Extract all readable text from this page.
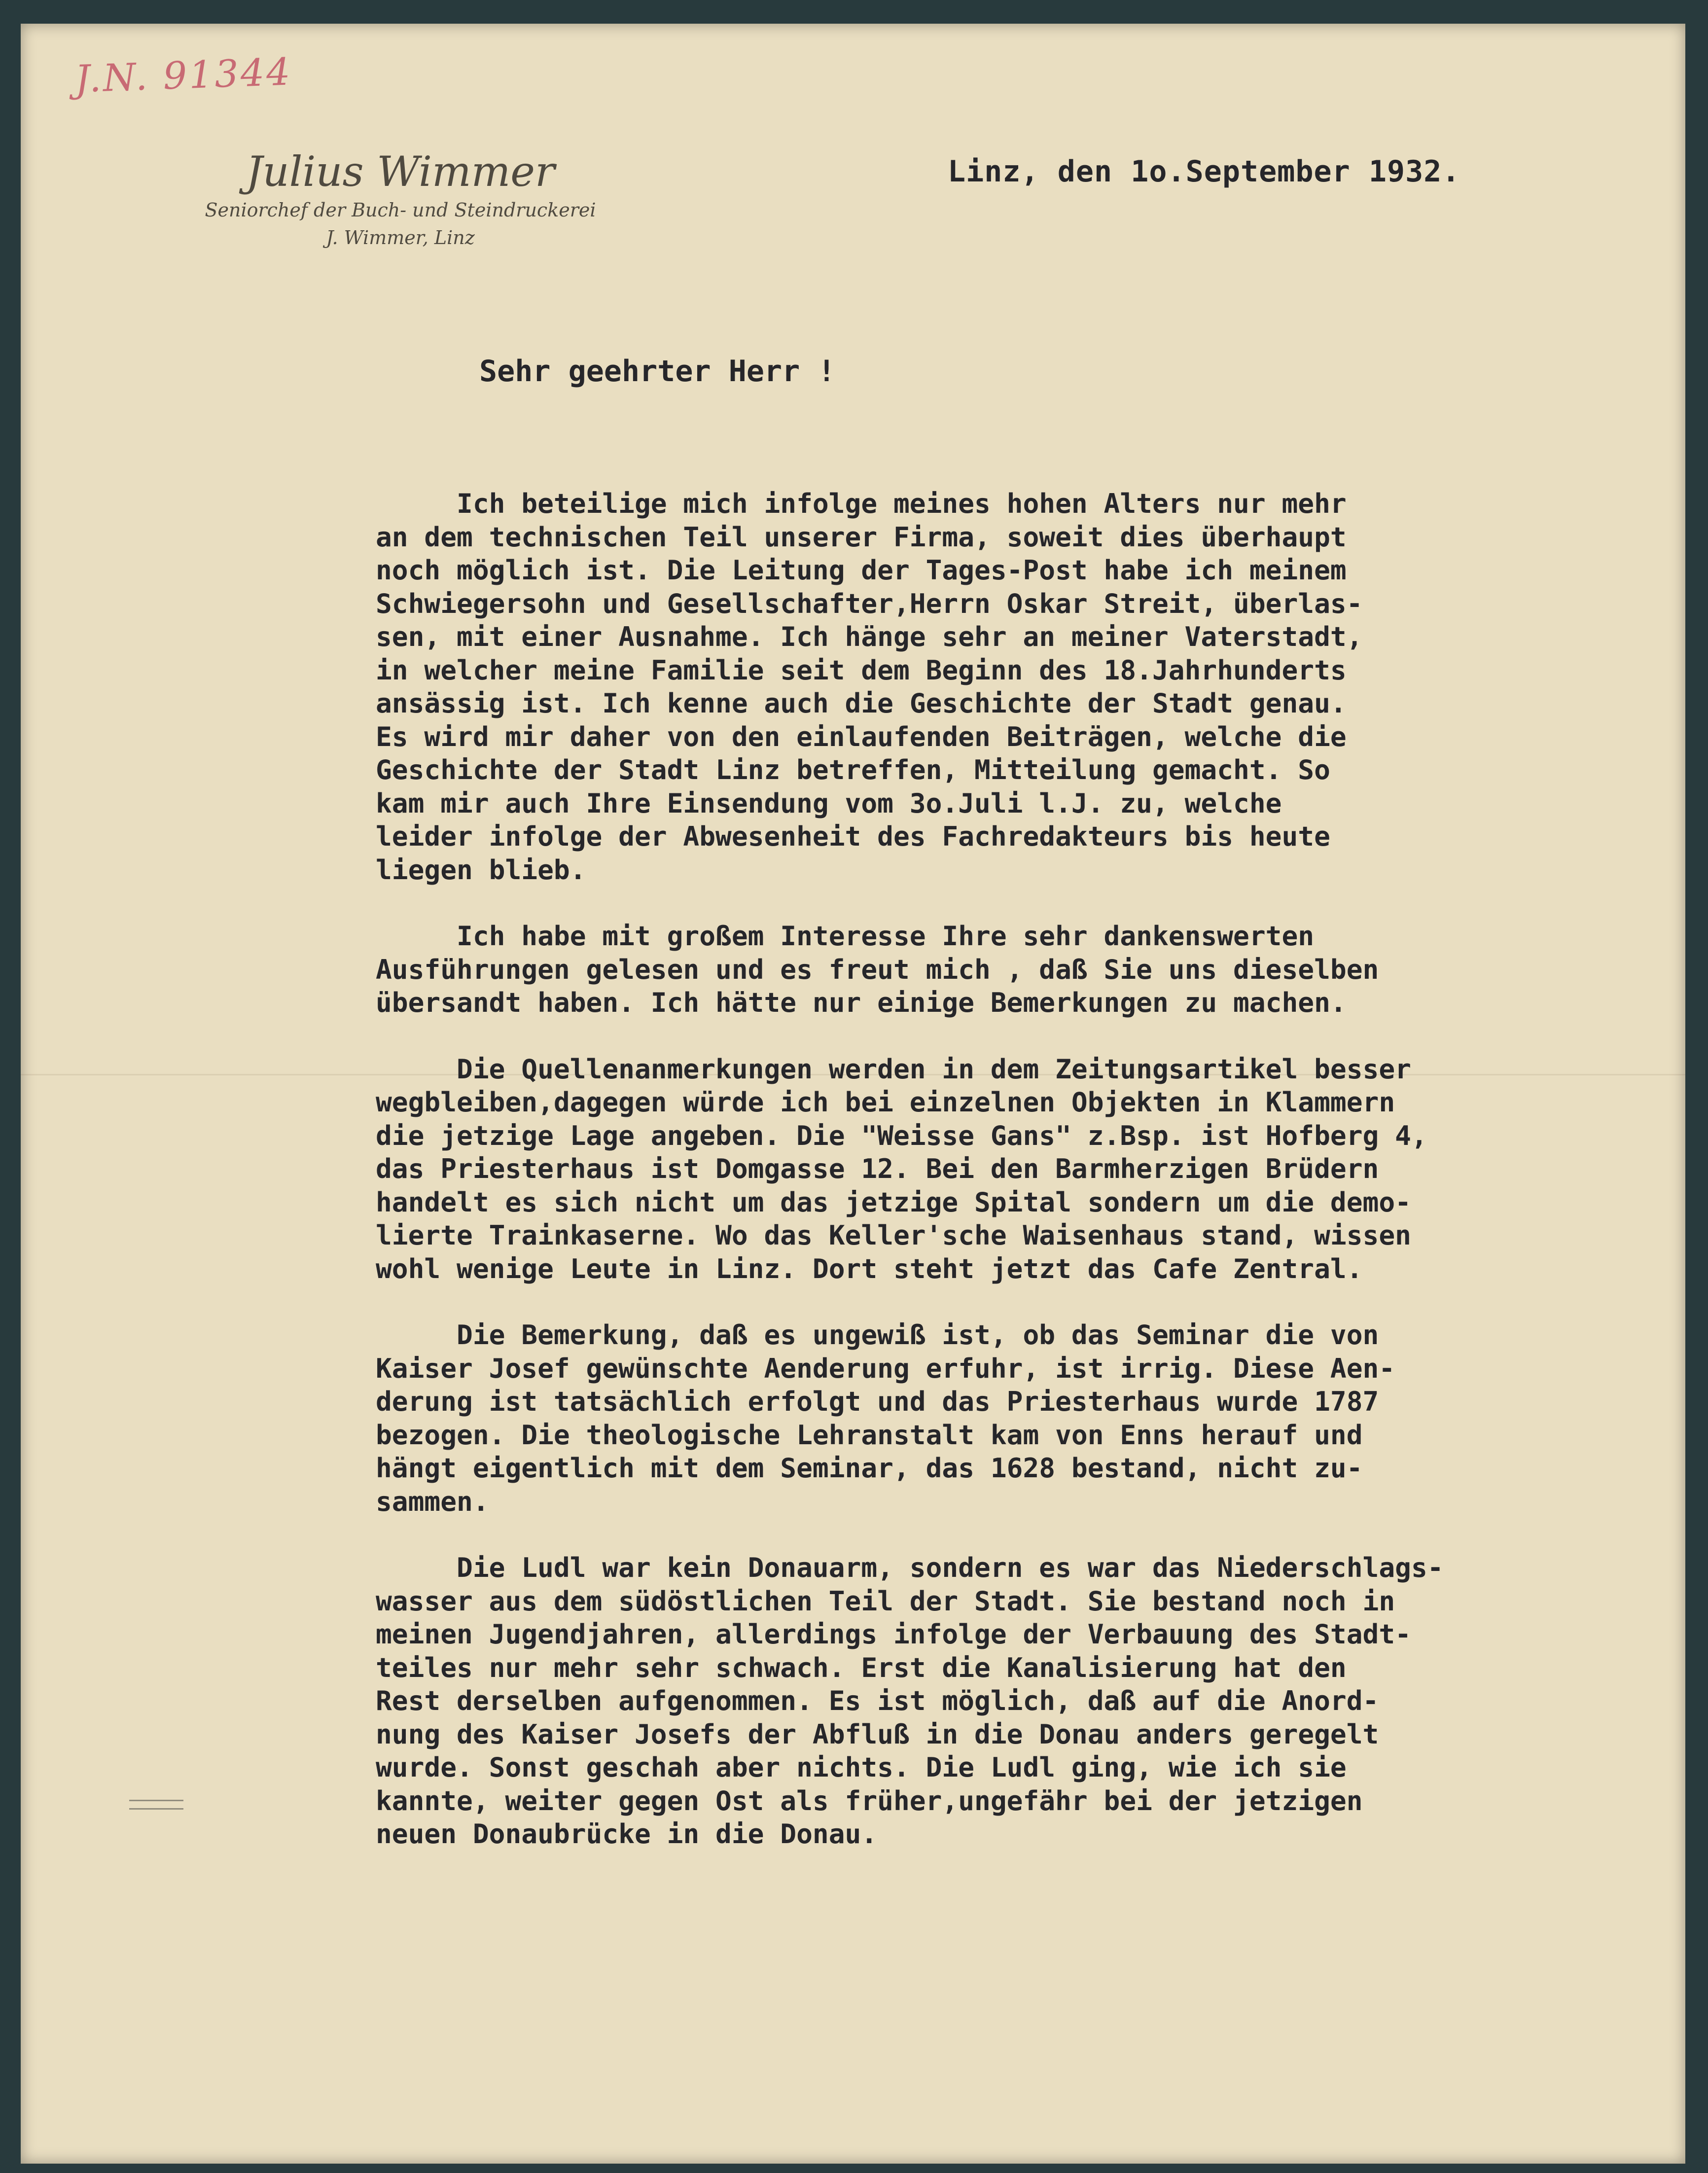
J.N. 91344
Julius Wimmer
Seniorchef der Buch- und Steindruckerei
J. Wimmer, Linz
Linz, den 1o.September 1932.
Sehr geehrter Herr !

Ich beteilige mich infolge meines hohen Alters nur mehr
an dem technischen Teil unserer Firma, soweit dies überhaupt
noch möglich ist. Die Leitung der Tages-Post habe ich meinem
Schwiegersohn und Gesellschafter,Herrn Oskar Streit, überlas-
sen, mit einer Ausnahme. Ich hänge sehr an meiner Vaterstadt,
in welcher meine Familie seit dem Beginn des 18.Jahrhunderts
ansässig ist. Ich kenne auch die Geschichte der Stadt genau.
Es wird mir daher von den einlaufenden Beiträgen, welche die
Geschichte der Stadt Linz betreffen, Mitteilung gemacht. So
kam mir auch Ihre Einsendung vom 3o.Juli l.J. zu, welche
leider infolge der Abwesenheit des Fachredakteurs bis heute
liegen blieb.

Ich habe mit großem Interesse Ihre sehr dankenswerten
Ausführungen gelesen und es freut mich , daß Sie uns dieselben
übersandt haben. Ich hätte nur einige Bemerkungen zu machen.

Die Quellenanmerkungen werden in dem Zeitungsartikel besser
wegbleiben,dagegen würde ich bei einzelnen Objekten in Klammern
die jetzige Lage angeben. Die "Weisse Gans" z.Bsp. ist Hofberg 4,
das Priesterhaus ist Domgasse 12. Bei den Barmherzigen Brüdern
handelt es sich nicht um das jetzige Spital sondern um die demo-
lierte Trainkaserne. Wo das Keller'sche Waisenhaus stand, wissen
wohl wenige Leute in Linz. Dort steht jetzt das Cafe Zentral.

Die Bemerkung, daß es ungewiß ist, ob das Seminar die von
Kaiser Josef gewünschte Aenderung erfuhr, ist irrig. Diese Aen-
derung ist tatsächlich erfolgt und das Priesterhaus wurde 1787
bezogen. Die theologische Lehranstalt kam von Enns herauf und
hängt eigentlich mit dem Seminar, das 1628 bestand, nicht zu-
sammen.

Die Ludl war kein Donauarm, sondern es war das Niederschlags-
wasser aus dem südöstlichen Teil der Stadt. Sie bestand noch in
meinen Jugendjahren, allerdings infolge der Verbauung des Stadt-
teiles nur mehr sehr schwach. Erst die Kanalisierung hat den
Rest derselben aufgenommen. Es ist möglich, daß auf die Anord-
nung des Kaiser Josefs der Abfluß in die Donau anders geregelt
wurde. Sonst geschah aber nichts. Die Ludl ging, wie ich sie
kannte, weiter gegen Ost als früher,ungefähr bei der jetzigen
neuen Donaubrücke in die Donau.
